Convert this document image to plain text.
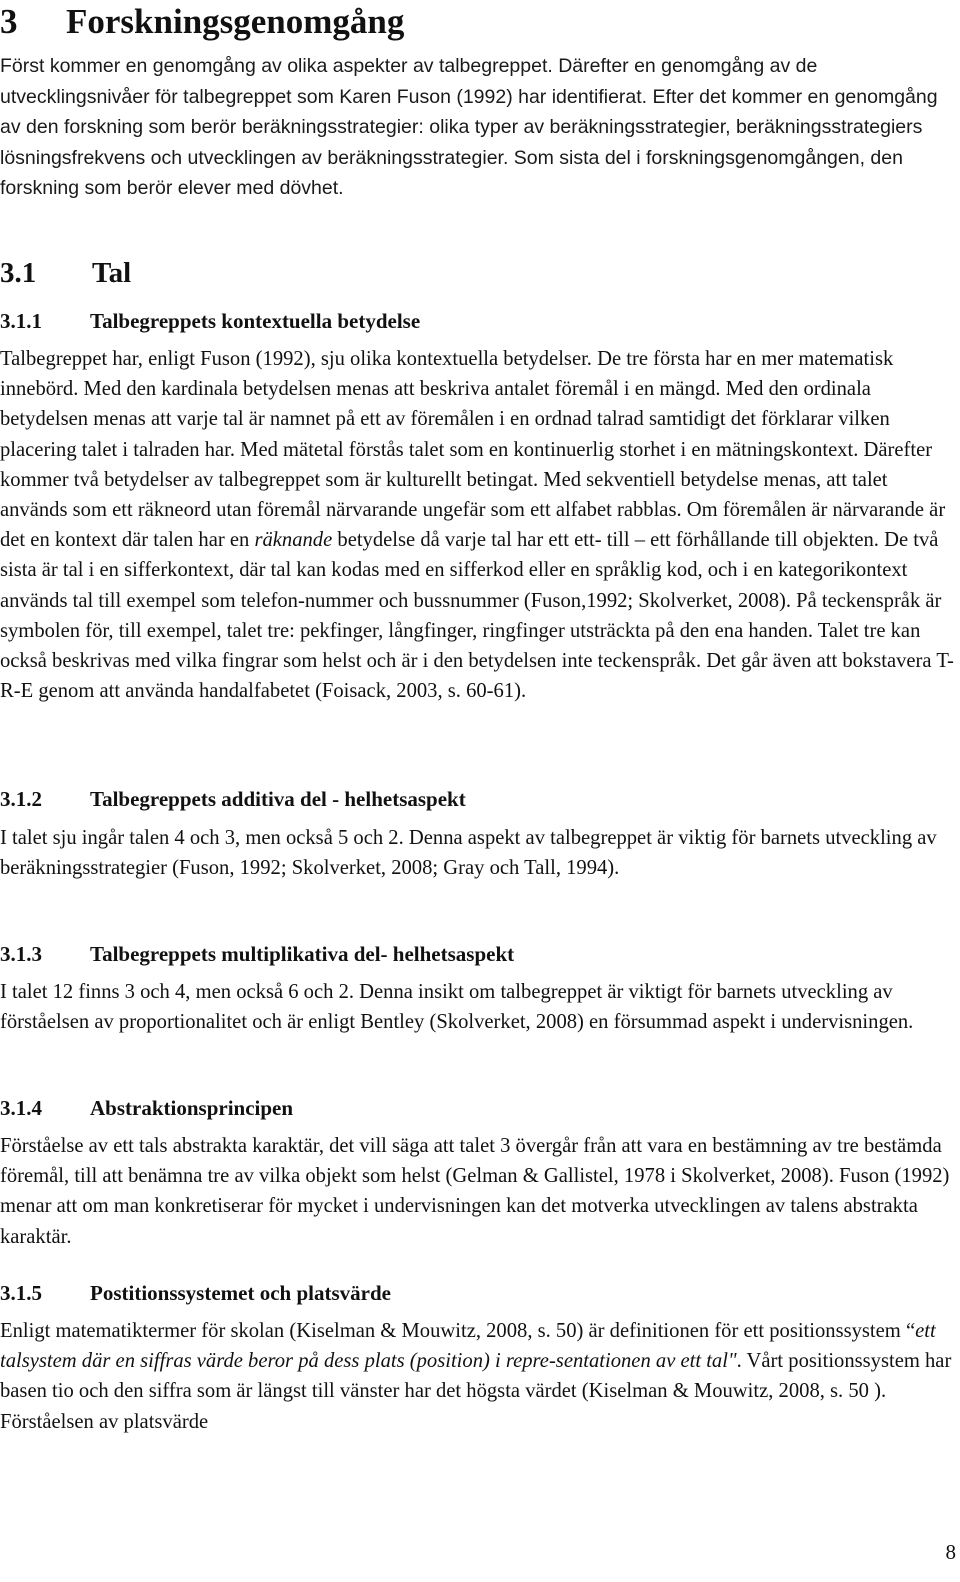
3 Forskningsgenomgång

Först kommer en genomgång av olika aspekter av talbegreppet. Därefter en genomgång av de utvecklingsnivåer för talbegreppet som Karen Fuson (1992) har identifierat. Efter det kommer en genomgång av den forskning som berör beräkningsstrategier: olika typer av beräkningsstrategier, beräkningsstrategiers lösningsfrekvens och utvecklingen av beräkningsstrategier. Som sista del i forskningsgenomgången, den forskning som berör elever med dövhet.

3.1 Tal
3.1.1 Talbegreppets kontextuella betydelse

Talbegreppet har, enligt Fuson (1992), sju olika kontextuella betydelser. De tre första har en mer matematisk innebörd. Med den kardinala betydelsen menas att beskriva antalet föremål i en mängd. Med den ordinala betydelsen menas att varje tal är namnet på ett av föremålen i en ordnad talrad samtidigt det förklarar vilken placering talet i talraden har. Med mätetal förstås talet som en kontinuerlig storhet i en mätningskontext. Därefter kommer två betydelser av talbegreppet som är kulturellt betingat. Med sekventiell betydelse menas, att talet används som ett räkneord utan föremål närvarande ungefär som ett alfabet rabblas. Om föremålen är närvarande är det en kontext där talen har en räknande betydelse då varje tal har ett ett- till – ett förhållande till objekten. De två sista är tal i en sifferkontext, där tal kan kodas med en sifferkod eller en språklig kod, och i en kategorikontext används tal till exempel som telefon-nummer och bussnummer (Fuson,1992; Skolverket, 2008). På teckenspråk är symbolen för, till exempel, talet tre: pekfinger, långfinger, ringfinger utsträckta på den ena handen. Talet tre kan också beskrivas med vilka fingrar som helst och är i den betydelsen inte teckenspråk. Det går även att bokstavera T-R-E genom att använda handalfabetet (Foisack, 2003, s. 60-61).

3.1.2 Talbegreppets additiva del - helhetsaspekt

I talet sju ingår talen 4 och 3, men också 5 och 2. Denna aspekt av talbegreppet är viktig för barnets utveckling av beräkningsstrategier (Fuson, 1992; Skolverket, 2008; Gray och Tall, 1994).

3.1.3 Talbegreppets multiplikativa del- helhetsaspekt

I talet 12 finns 3 och 4, men också 6 och 2. Denna insikt om talbegreppet är viktigt för barnets utveckling av förståelsen av proportionalitet och är enligt Bentley (Skolverket, 2008) en försummad aspekt i undervisningen.

3.1.4 Abstraktionsprincipen

Förståelse av ett tals abstrakta karaktär, det vill säga att talet 3 övergår från att vara en bestämning av tre bestämda föremål, till att benämna tre av vilka objekt som helst (Gelman & Gallistel, 1978 i Skolverket, 2008). Fuson (1992) menar att om man konkretiserar för mycket i undervisningen kan det motverka utvecklingen av talens abstrakta karaktär.

3.1.5 Postitionssystemet och platsvärde

Enligt matematiktermer för skolan (Kiselman & Mouwitz, 2008, s. 50) är definitionen för ett positionssystem “ett talsystem där en siffras värde beror på dess plats (position) i repre-sentationen av ett tal". Vårt positionssystem har basen tio och den siffra som är längst till vänster har det högsta värdet (Kiselman & Mouwitz, 2008, s. 50 ). Förståelsen av platsvärde

8
